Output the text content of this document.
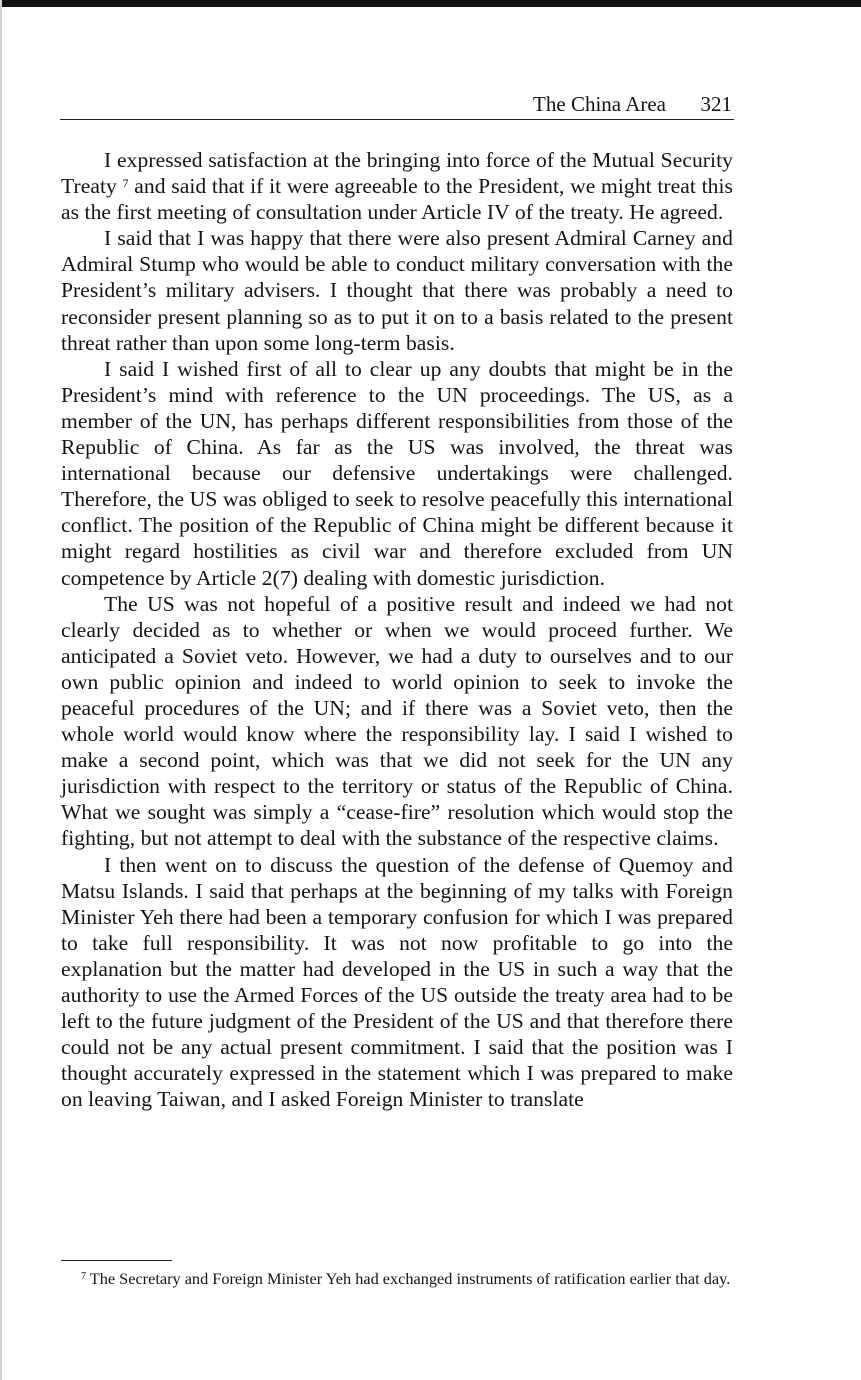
The China Area 321

I expressed satisfaction at the bringing into force of the Mutual Security Treaty $^7$ and said that if it were agreeable to the President, we might treat this as the first meeting of consultation under Article IV of the treaty. He agreed.

I said that I was happy that there were also present Admiral Carney and Admiral Stump who would be able to conduct military conversation with the President’s military advisers. I thought that there was probably a need to reconsider present planning so as to put it on to a basis related to the present threat rather than upon some long-term basis.

I said I wished first of all to clear up any doubts that might be in the President’s mind with reference to the UN proceedings. The US, as a member of the UN, has perhaps different responsibilities from those of the Republic of China. As far as the US was involved, the threat was international because our defensive undertakings were challenged. Therefore, the US was obliged to seek to resolve peacefully this international conflict. The position of the Republic of China might be different because it might regard hostilities as civil war and therefore excluded from UN competence by Article 2(7) dealing with domestic jurisdiction.

The US was not hopeful of a positive result and indeed we had not clearly decided as to whether or when we would proceed further. We anticipated a Soviet veto. However, we had a duty to ourselves and to our own public opinion and indeed to world opinion to seek to invoke the peaceful procedures of the UN; and if there was a Soviet veto, then the whole world would know where the responsibility lay. I said I wished to make a second point, which was that we did not seek for the UN any jurisdiction with respect to the territory or status of the Republic of China. What we sought was simply a “cease-fire” resolution which would stop the fighting, but not attempt to deal with the substance of the respective claims.

I then went on to discuss the question of the defense of Quemoy and Matsu Islands. I said that perhaps at the beginning of my talks with Foreign Minister Yeh there had been a temporary confusion for which I was prepared to take full responsibility. It was not now profitable to go into the explanation but the matter had developed in the US in such a way that the authority to use the Armed Forces of the US outside the treaty area had to be left to the future judgment of the President of the US and that therefore there could not be any actual present commitment. I said that the position was I thought accurately expressed in the statement which I was prepared to make on leaving Taiwan, and I asked Foreign Minister to translate

$^7$ The Secretary and Foreign Minister Yeh had exchanged instruments of ratification earlier that day.
